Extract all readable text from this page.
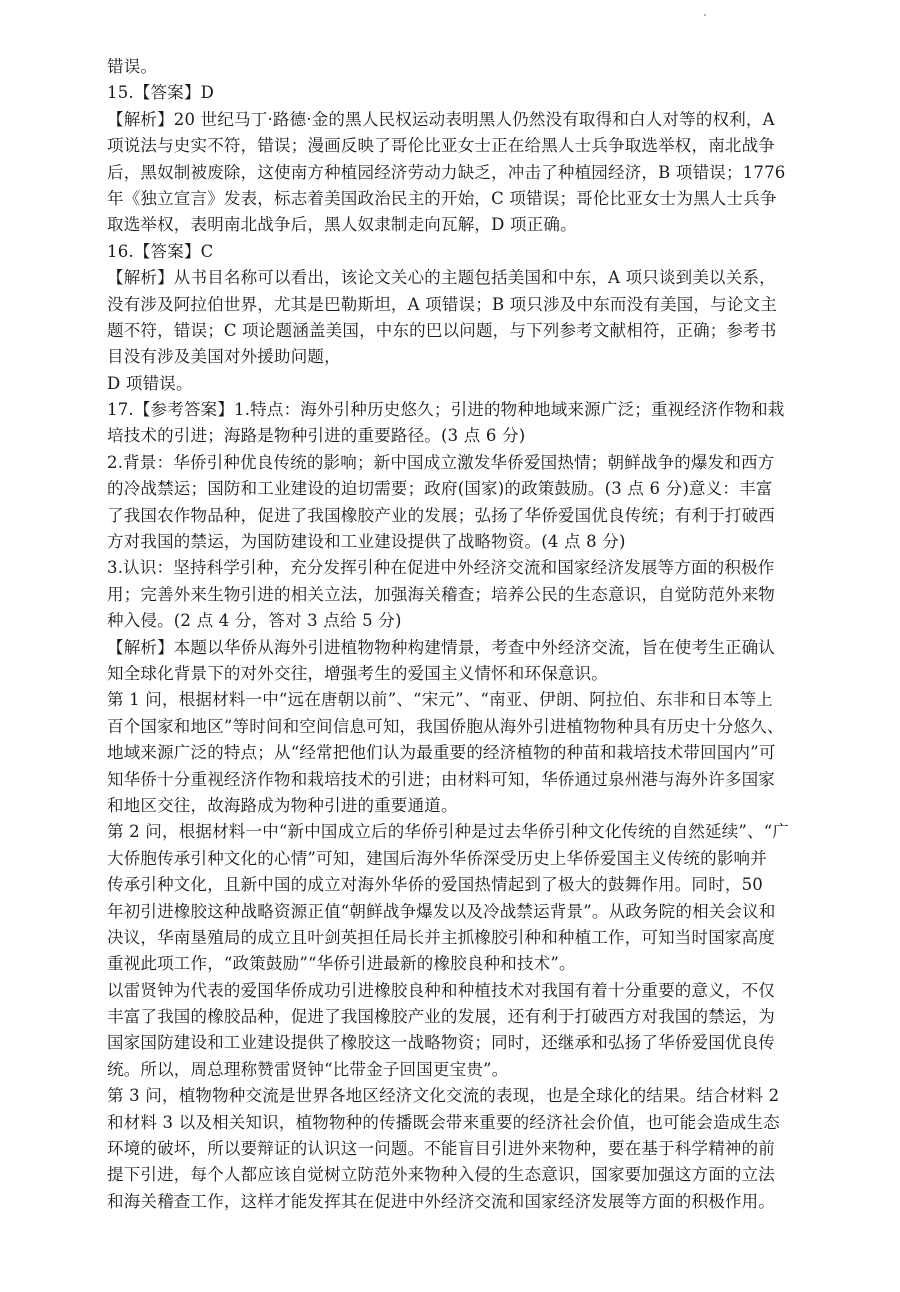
错误。
15.【答案】D
【解析】20 世纪马丁·路德·金的黑人民权运动表明黑人仍然没有取得和白人对等的权利，A
项说法与史实不符，错误；漫画反映了哥伦比亚女士正在给黑人士兵争取选举权，南北战争
后，黑奴制被废除，这使南方种植园经济劳动力缺乏，冲击了种植园经济，B 项错误；1776
年《独立宣言》发表，标志着美国政治民主的开始，C 项错误；哥伦比亚女士为黑人士兵争
取选举权，表明南北战争后，黑人奴隶制走向瓦解，D 项正确。
16.【答案】C
【解析】从书目名称可以看出，该论文关心的主题包括美国和中东，A 项只谈到美以关系，
没有涉及阿拉伯世界，尤其是巴勒斯坦，A 项错误；B 项只涉及中东而没有美国，与论文主
题不符，错误；C 项论题涵盖美国，中东的巴以问题，与下列参考文献相符，正确；参考书
目没有涉及美国对外援助问题，
D 项错误。
17.【参考答案】1.特点：海外引种历史悠久；引进的物种地域来源广泛；重视经济作物和栽
培技术的引进；海路是物种引进的重要路径。(3 点 6 分)
2.背景：华侨引种优良传统的影响；新中国成立激发华侨爱国热情；朝鲜战争的爆发和西方
的冷战禁运；国防和工业建设的迫切需要；政府(国家)的政策鼓励。(3 点 6 分)意义：丰富
了我国农作物品种，促进了我国橡胶产业的发展；弘扬了华侨爱国优良传统；有利于打破西
方对我国的禁运，为国防建设和工业建设提供了战略物资。(4 点 8 分)
3.认识：坚持科学引种，充分发挥引种在促进中外经济交流和国家经济发展等方面的积极作
用；完善外来生物引进的相关立法，加强海关稽查；培养公民的生态意识，自觉防范外来物
种入侵。(2 点 4 分，答对 3 点给 5 分)
【解析】本题以华侨从海外引进植物物种构建情景，考查中外经济交流，旨在使考生正确认
知全球化背景下的对外交往，增强考生的爱国主义情怀和环保意识。
第 1 问，根据材料一中“远在唐朝以前”、“宋元”、“南亚、伊朗、阿拉伯、东非和日本等上
百个国家和地区”等时间和空间信息可知，我国侨胞从海外引进植物物种具有历史十分悠久、
地域来源广泛的特点；从“经常把他们认为最重要的经济植物的种苗和栽培技术带回国内”可
知华侨十分重视经济作物和栽培技术的引进；由材料可知，华侨通过泉州港与海外许多国家
和地区交往，故海路成为物种引进的重要通道。
第 2 问，根据材料一中“新中国成立后的华侨引种是过去华侨引种文化传统的自然延续”、“广
大侨胞传承引种文化的心情”可知，建国后海外华侨深受历史上华侨爱国主义传统的影响并
传承引种文化，且新中国的成立对海外华侨的爱国热情起到了极大的鼓舞作用。同时，50
年初引进橡胶这种战略资源正值“朝鲜战争爆发以及冷战禁运背景”。从政务院的相关会议和
决议，华南垦殖局的成立且叶剑英担任局长并主抓橡胶引种和种植工作，可知当时国家高度
重视此项工作，“政策鼓励”“华侨引进最新的橡胶良种和技术”。
以雷贤钟为代表的爱国华侨成功引进橡胶良种和种植技术对我国有着十分重要的意义，不仅
丰富了我国的橡胶品种，促进了我国橡胶产业的发展，还有利于打破西方对我国的禁运，为
国家国防建设和工业建设提供了橡胶这一战略物资；同时，还继承和弘扬了华侨爱国优良传
统。所以，周总理称赞雷贤钟“比带金子回国更宝贵”。
第 3 问，植物物种交流是世界各地区经济文化交流的表现，也是全球化的结果。结合材料 2
和材料 3 以及相关知识，植物物种的传播既会带来重要的经济社会价值，也可能会造成生态
环境的破坏，所以要辩证的认识这一问题。不能盲目引进外来物种，要在基于科学精神的前
提下引进，每个人都应该自觉树立防范外来物种入侵的生态意识，国家要加强这方面的立法
和海关稽查工作，这样才能发挥其在促进中外经济交流和国家经济发展等方面的积极作用。
